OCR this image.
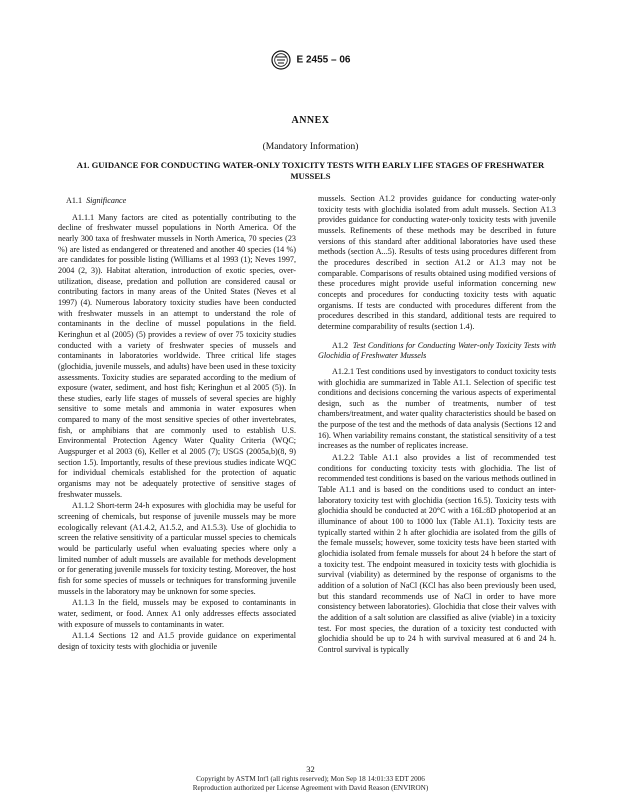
E 2455 – 06
ANNEX
(Mandatory Information)
A1. GUIDANCE FOR CONDUCTING WATER-ONLY TOXICITY TESTS WITH EARLY LIFE STAGES OF FRESHWATER MUSSELS

A1.1 Significance

A1.1.1 Many factors are cited as potentially contributing to the decline of freshwater mussel populations in North America. Of the nearly 300 taxa of freshwater mussels in North America, 70 species (23 %) are listed as endangered or threatened and another 40 species (14 %) are candidates for possible listing (Williams et al 1993 (1); Neves 1997, 2004 (2, 3)). Habitat alteration, introduction of exotic species, over-utilization, disease, predation and pollution are considered causal or contributing factors in many areas of the United States (Neves et al 1997) (4). Numerous laboratory toxicity studies have been conducted with freshwater mussels in an attempt to understand the role of contaminants in the decline of mussel populations in the field. Keringhun et al (2005) (5) provides a review of over 75 toxicity studies conducted with a variety of freshwater species of mussels and contaminants in laboratories worldwide. Three critical life stages (glochidia, juvenile mussels, and adults) have been used in these toxicity assessments. Toxicity studies are separated according to the medium of exposure (water, sediment, and host fish; Keringhun et al 2005 (5)). In these studies, early life stages of mussels of several species are highly sensitive to some metals and ammonia in water exposures when compared to many of the most sensitive species of other invertebrates, fish, or amphibians that are commonly used to establish U.S. Environmental Protection Agency Water Quality Criteria (WQC; Augspurger et al 2003 (6), Keller et al 2005 (7); USGS (2005a,b)(8, 9) section 1.5). Importantly, results of these previous studies indicate WQC for individual chemicals established for the protection of aquatic organisms may not be adequately protective of sensitive stages of freshwater mussels.

A1.1.2 Short-term 24-h exposures with glochidia may be useful for screening of chemicals, but response of juvenile mussels may be more ecologically relevant (A1.4.2, A1.5.2, and A1.5.3). Use of glochidia to screen the relative sensitivity of a particular mussel species to chemicals would be particularly useful when evaluating species where only a limited number of adult mussels are available for methods development or for generating juvenile mussels for toxicity testing. Moreover, the host fish for some species of mussels or techniques for transforming juvenile mussels in the laboratory may be unknown for some species.

A1.1.3 In the field, mussels may be exposed to contaminants in water, sediment, or food. Annex A1 only addresses effects associated with exposure of mussels to contaminants in water.

A1.1.4 Sections 12 and A1.5 provide guidance on experimental design of toxicity tests with glochidia or juvenile

mussels. Section A1.2 provides guidance for conducting water-only toxicity tests with glochidia isolated from adult mussels. Section A1.3 provides guidance for conducting water-only toxicity tests with juvenile mussels. Refinements of these methods may be described in future versions of this standard after additional laboratories have used these methods (section A...5). Results of tests using procedures different from the procedures described in section A1.2 or A1.3 may not be comparable. Comparisons of results obtained using modified versions of these procedures might provide useful information concerning new concepts and procedures for conducting toxicity tests with aquatic organisms. If tests are conducted with procedures different from the procedures described in this standard, additional tests are required to determine comparability of results (section 1.4).

A1.2 Test Conditions for Conducting Water-only Toxicity Tests with Glochidia of Freshwater Mussels

A1.2.1 Test conditions used by investigators to conduct toxicity tests with glochidia are summarized in Table A1.1. Selection of specific test conditions and decisions concerning the various aspects of experimental design, such as the number of treatments, number of test chambers/treatment, and water quality characteristics should be based on the purpose of the test and the methods of data analysis (Sections 12 and 16). When variability remains constant, the statistical sensitivity of a test increases as the number of replicates increase.

A1.2.2 Table A1.1 also provides a list of recommended test conditions for conducting toxicity tests with glochidia. The list of recommended test conditions is based on the various methods outlined in Table A1.1 and is based on the conditions used to conduct an inter-laboratory toxicity test with glochidia (section 16.5). Toxicity tests with glochidia should be conducted at 20°C with a 16L:8D photoperiod at an illuminance of about 100 to 1000 lux (Table A1.1). Toxicity tests are typically started within 2 h after glochidia are isolated from the gills of the female mussels; however, some toxicity tests have been started with glochidia isolated from female mussels for about 24 h before the start of a toxicity test. The endpoint measured in toxicity tests with glochidia is survival (viability) as determined by the response of organisms to the addition of a solution of NaCl (KCl has also been previously been used, but this standard recommends use of NaCl in order to have more consistency between laboratories). Glochidia that close their valves with the addition of a salt solution are classified as alive (viable) in a toxicity test. For most species, the duration of a toxicity test conducted with glochidia should be up to 24 h with survival measured at 6 and 24 h. Control survival is typically

32
Copyright by ASTM Int'l (all rights reserved); Mon Sep 18 14:01:33 EDT 2006
Reproduction authorized per License Agreement with David Reason (ENVIRON)
